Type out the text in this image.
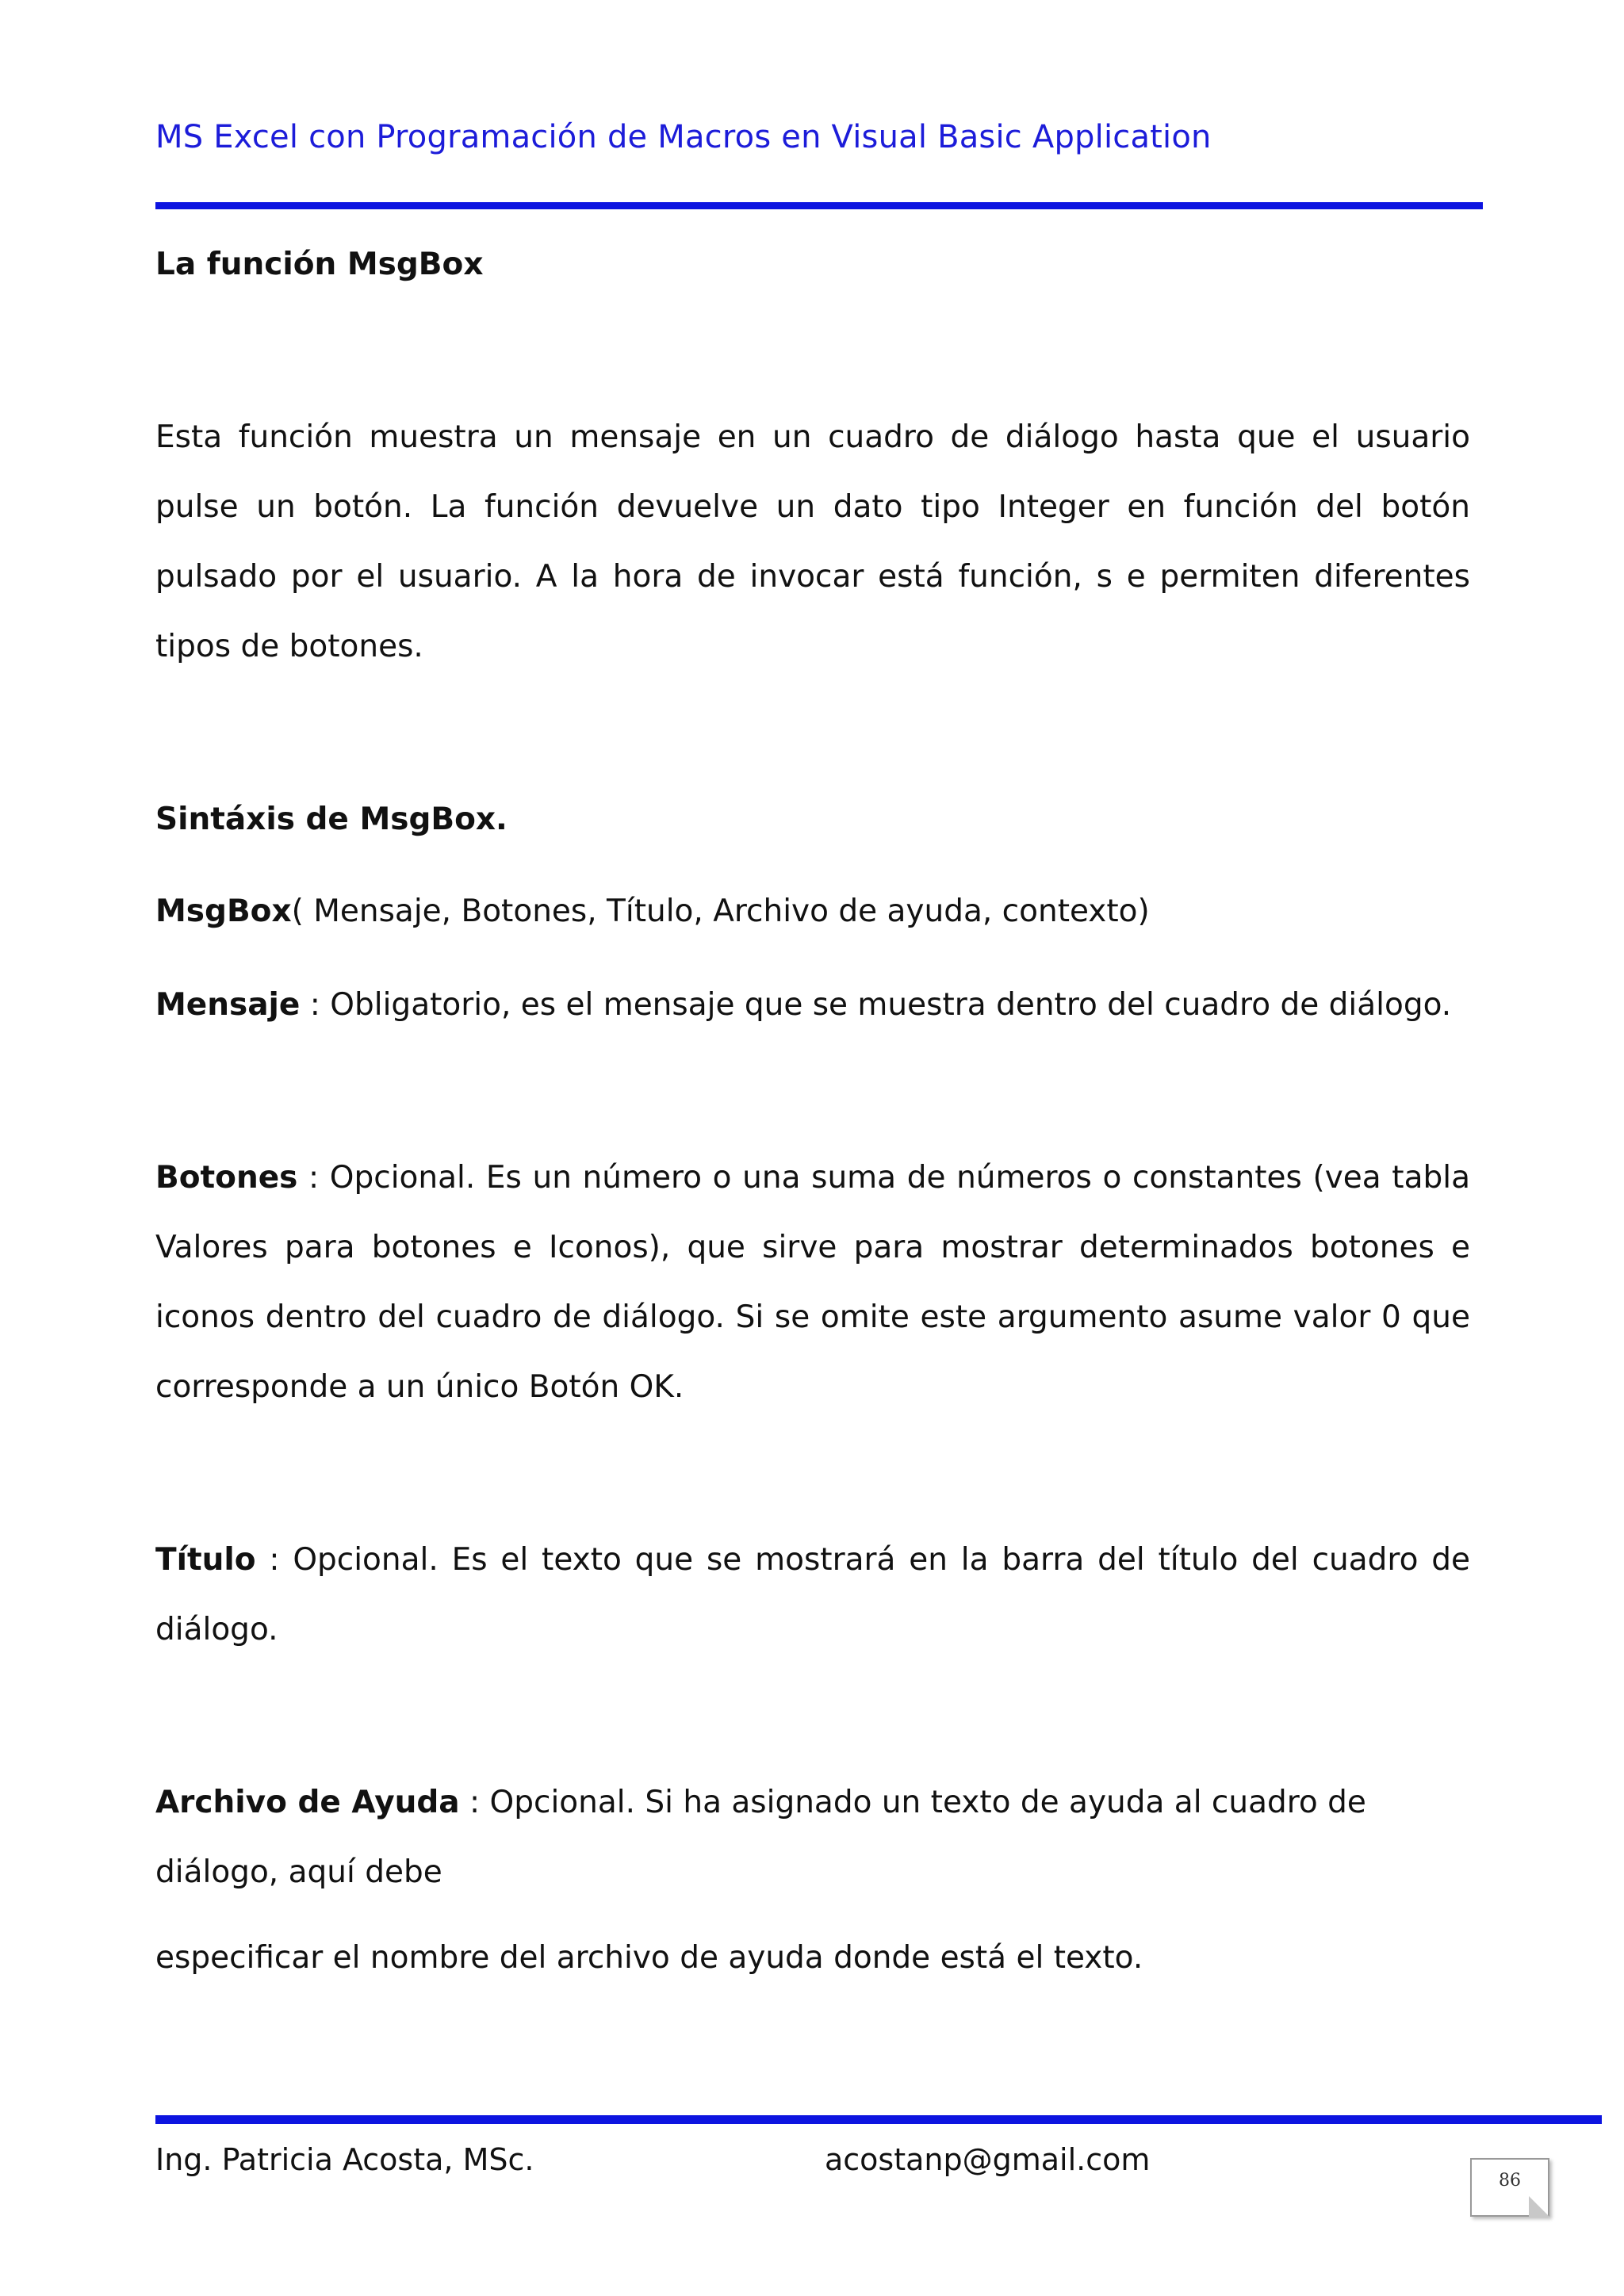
MS Excel con Programación de Macros en Visual Basic Application

La función MsgBox

Esta función muestra un mensaje en un cuadro de diálogo hasta que el usuario pulse un botón. La función devuelve un dato tipo Integer en función del botón pulsado por el usuario. A la hora de invocar está función, s e permiten diferentes tipos de botones.

Sintáxis de MsgBox.

MsgBox( Mensaje, Botones, Título, Archivo de ayuda, contexto)

Mensaje : Obligatorio, es el mensaje que se muestra dentro del cuadro de diálogo.

Botones : Opcional. Es un número o una suma de números o constantes (vea tabla Valores para botones e Iconos), que sirve para mostrar determinados botones e iconos dentro del cuadro de diálogo. Si se omite este argumento asume valor 0 que corresponde a un único Botón OK.

Título : Opcional. Es el texto que se mostrará en la barra del título del cuadro de diálogo.

Archivo de Ayuda : Opcional. Si ha asignado un texto de ayuda al cuadro de diálogo, aquí debe

especificar el nombre del archivo de ayuda donde está el texto.

Ing. Patricia Acosta, MSc.	acostanp@gmail.com
86
